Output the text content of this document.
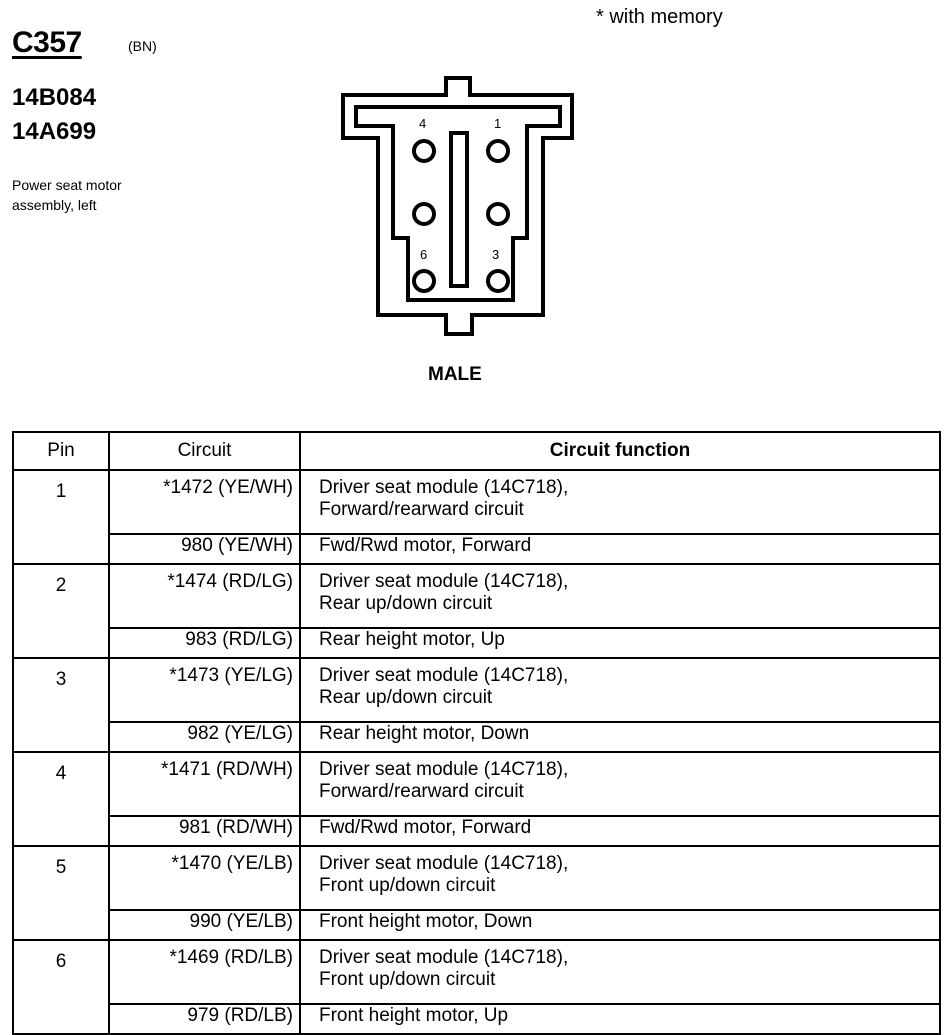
C357	(BN)
14B084
14A699
Power seat motor
assembly, left
* with memory
4	1
6	3
MALE
Pin	Circuit	Circuit function
1	*1472 (YE/WH)	Driver seat module (14C718),
Forward/rearward circuit

	980 (YE/WH)	Fwd/Rwd motor, Forward
2	*1474 (RD/LG)	Driver seat module (14C718),
Rear up/down circuit

	983 (RD/LG)	Rear height motor, Up
3	*1473 (YE/LG)	Driver seat module (14C718),
Rear up/down circuit

	982 (YE/LG)	Rear height motor, Down
4	*1471 (RD/WH)	Driver seat module (14C718),
Forward/rearward circuit

	981 (RD/WH)	Fwd/Rwd motor, Forward
5	*1470 (YE/LB)	Driver seat module (14C718),
Front up/down circuit

	990 (YE/LB)	Front height motor, Down
6	*1469 (RD/LB)	Driver seat module (14C718),
Front up/down circuit

	979 (RD/LB)	Front height motor, Up
